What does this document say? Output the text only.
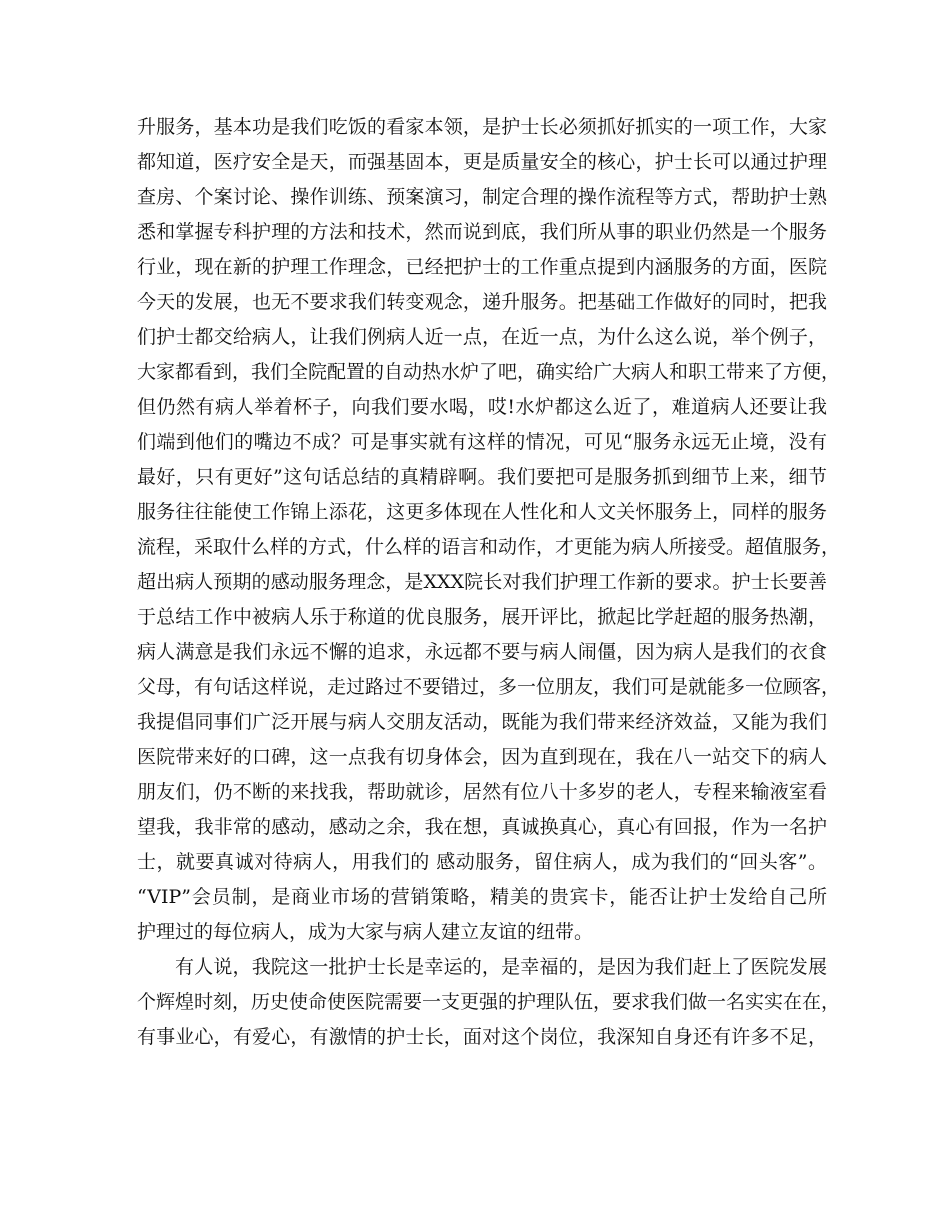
升服务，基本功是我们吃饭的看家本领，是护士长必须抓好抓实的一项工作，大家
都知道，医疗安全是天，而强基固本，更是质量安全的核心，护士长可以通过护理
查房、个案讨论、操作训练、预案演习，制定合理的操作流程等方式，帮助护士熟
悉和掌握专科护理的方法和技术，然而说到底，我们所从事的职业仍然是一个服务
行业，现在新的护理工作理念，已经把护士的工作重点提到内涵服务的方面，医院
今天的发展，也无不要求我们转变观念，递升服务。把基础工作做好的同时，把我
们护士都交给病人，让我们例病人近一点，在近一点，为什么这么说，举个例子，
大家都看到，我们全院配置的自动热水炉了吧，确实给广大病人和职工带来了方便，
但仍然有病人举着杯子，向我们要水喝，哎!水炉都这么近了，难道病人还要让我
们端到他们的嘴边不成？可是事实就有这样的情况，可见“服务永远无止境，没有
最好，只有更好”这句话总结的真精辟啊。我们要把可是服务抓到细节上来，细节
服务往往能使工作锦上添花，这更多体现在人性化和人文关怀服务上，同样的服务
流程，采取什么样的方式，什么样的语言和动作，才更能为病人所接受。超值服务，
超出病人预期的感动服务理念，是XXX院长对我们护理工作新的要求。护士长要善
于总结工作中被病人乐于称道的优良服务，展开评比，掀起比学赶超的服务热潮，
病人满意是我们永远不懈的追求，永远都不要与病人闹僵，因为病人是我们的衣食
父母，有句话这样说，走过路过不要错过，多一位朋友，我们可是就能多一位顾客，
我提倡同事们广泛开展与病人交朋友活动，既能为我们带来经济效益，又能为我们
医院带来好的口碑，这一点我有切身体会，因为直到现在，我在八一站交下的病人
朋友们，仍不断的来找我，帮助就诊，居然有位八十多岁的老人，专程来输液室看
望我，我非常的感动，感动之余，我在想，真诚换真心，真心有回报，作为一名护
士，就要真诚对待病人，用我们的 感动服务，留住病人，成为我们的“回头客”。
“VIP”会员制，是商业市场的营销策略，精美的贵宾卡，能否让护士发给自己所
护理过的每位病人，成为大家与病人建立友谊的纽带。
有人说，我院这一批护士长是幸运的，是幸福的，是因为我们赶上了医院发展
个辉煌时刻，历史使命使医院需要一支更强的护理队伍，要求我们做一名实实在在，
有事业心，有爱心，有激情的护士长，面对这个岗位，我深知自身还有许多不足，
